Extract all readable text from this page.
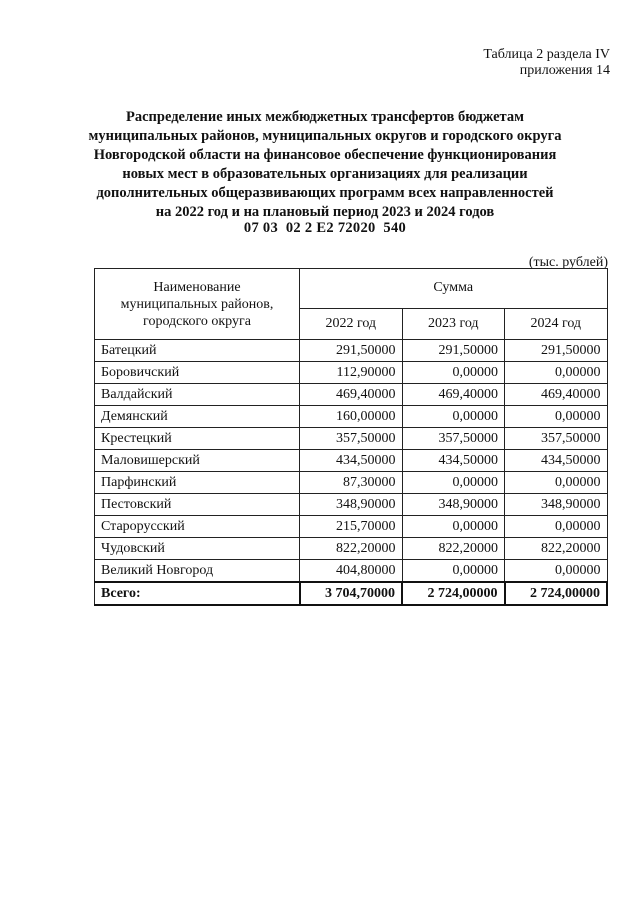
Таблица 2 раздела IV
приложения 14
Распределение иных межбюджетных трансфертов бюджетам
муниципальных районов, муниципальных округов и городского округа
Новгородской области на финансовое обеспечение функционирования
новых мест в образовательных организациях для реализации
дополнительных общеразвивающих программ всех направленностей
на 2022 год и на плановый период 2023 и 2024 годов
07 03  02 2 E2 72020  540
(тыс. рублей)
Наименование
муниципальных районов,
городского округа	Сумма		
	2022 год	2023 год	2024 год
Батецкий	291,50000	291,50000	291,50000
Боровичский	112,90000	0,00000	0,00000
Валдайский	469,40000	469,40000	469,40000
Демянский	160,00000	0,00000	0,00000
Крестецкий	357,50000	357,50000	357,50000
Маловишерский	434,50000	434,50000	434,50000
Парфинский	87,30000	0,00000	0,00000
Пестовский	348,90000	348,90000	348,90000
Старорусский	215,70000	0,00000	0,00000
Чудовский	822,20000	822,20000	822,20000
Великий Новгород	404,80000	0,00000	0,00000
Всего:	3 704,70000	2 724,00000	2 724,00000
